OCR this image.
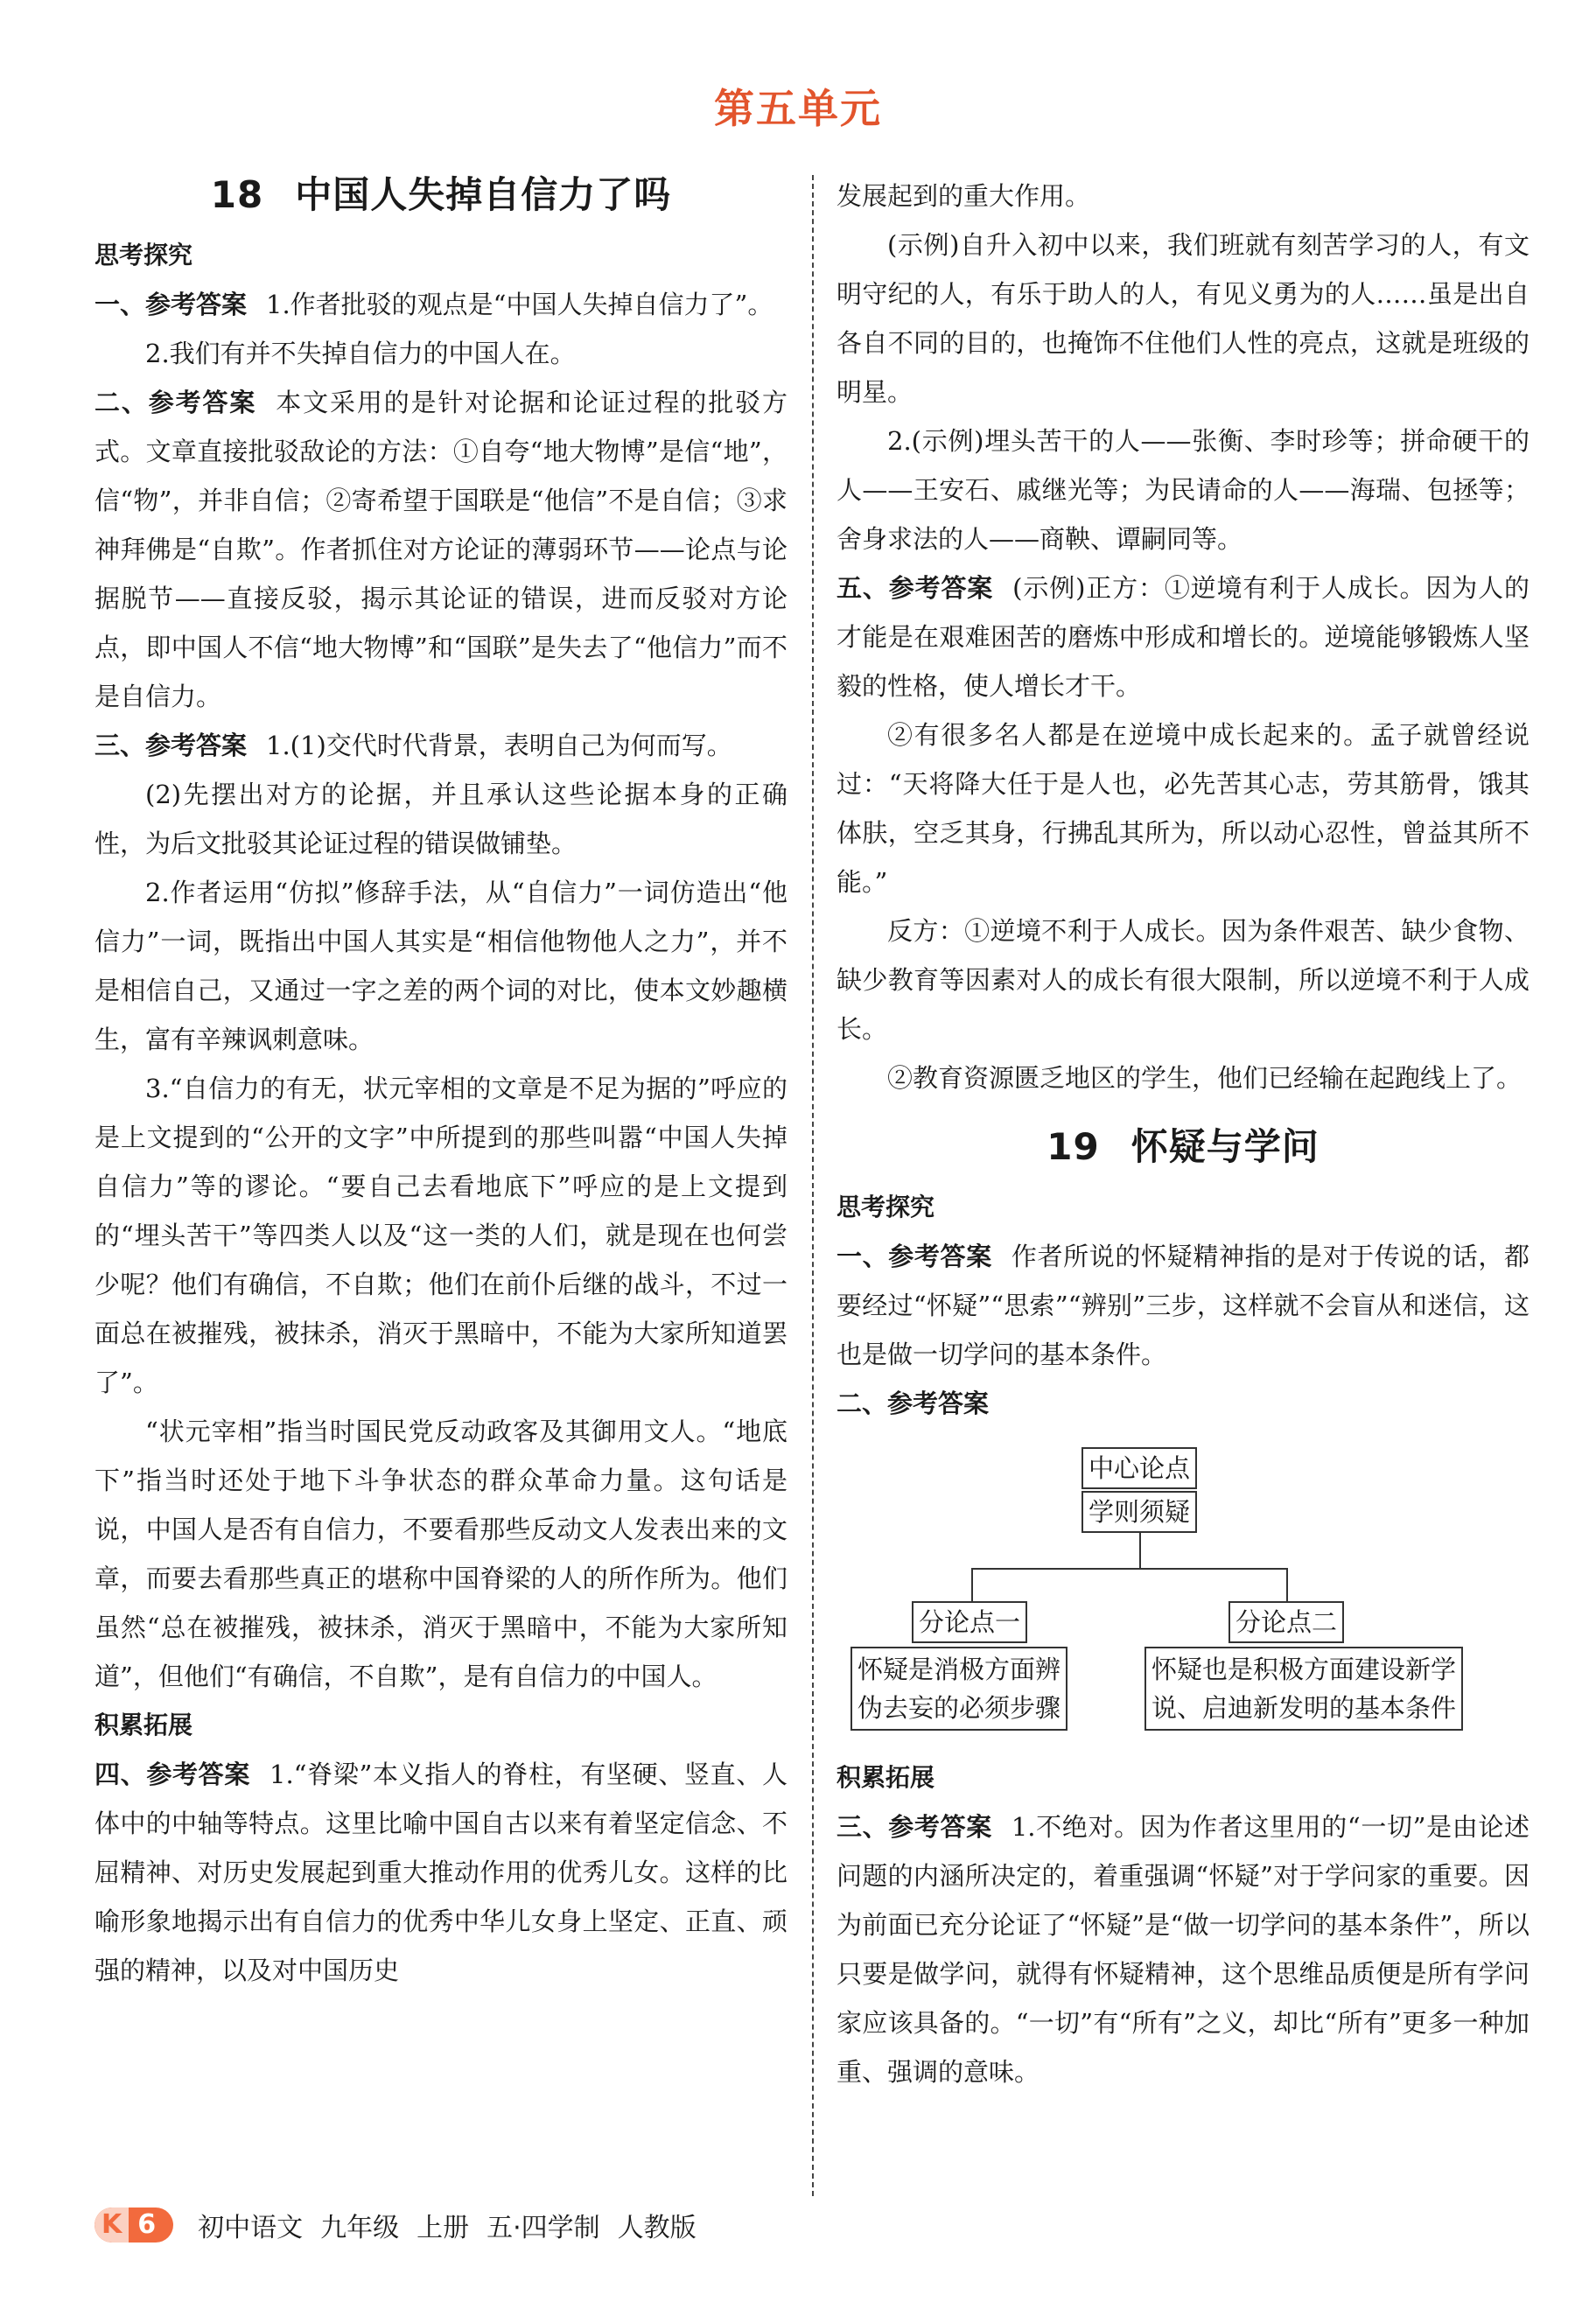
第五单元
18 中国人失掉自信力了吗
思考探究

一、参考答案 1.作者批驳的观点是“中国人失掉自信力了”。

2.我们有并不失掉自信力的中国人在。

二、参考答案 本文采用的是针对论据和论证过程的批驳方式。文章直接批驳敌论的方法：①自夸“地大物博”是信“地”，信“物”，并非自信；②寄希望于国联是“他信”不是自信；③求神拜佛是“自欺”。作者抓住对方论证的薄弱环节——论点与论据脱节——直接反驳，揭示其论证的错误，进而反驳对方论点，即中国人不信“地大物博”和“国联”是失去了“他信力”而不是自信力。

三、参考答案 1.(1)交代时代背景，表明自己为何而写。

(2)先摆出对方的论据，并且承认这些论据本身的正确性，为后文批驳其论证过程的错误做铺垫。

2.作者运用“仿拟”修辞手法，从“自信力”一词仿造出“他信力”一词，既指出中国人其实是“相信他物他人之力”，并不是相信自己，又通过一字之差的两个词的对比，使本文妙趣横生，富有辛辣讽刺意味。

3.“自信力的有无，状元宰相的文章是不足为据的”呼应的是上文提到的“公开的文字”中所提到的那些叫嚣“中国人失掉自信力”等的谬论。“要自己去看地底下”呼应的是上文提到的“埋头苦干”等四类人以及“这一类的人们，就是现在也何尝少呢？他们有确信，不自欺；他们在前仆后继的战斗，不过一面总在被摧残，被抹杀，消灭于黑暗中，不能为大家所知道罢了”。

“状元宰相”指当时国民党反动政客及其御用文人。“地底下”指当时还处于地下斗争状态的群众革命力量。这句话是说，中国人是否有自信力，不要看那些反动文人发表出来的文章，而要去看那些真正的堪称中国脊梁的人的所作所为。他们虽然“总在被摧残，被抹杀，消灭于黑暗中，不能为大家所知道”，但他们“有确信，不自欺”，是有自信力的中国人。

积累拓展

四、参考答案 1.“脊梁”本义指人的脊柱，有坚硬、竖直、人体中的中轴等特点。这里比喻中国自古以来有着坚定信念、不屈精神、对历史发展起到重大推动作用的优秀儿女。这样的比喻形象地揭示出有自信力的优秀中华儿女身上坚定、正直、顽强的精神，以及对中国历史

发展起到的重大作用。

(示例)自升入初中以来，我们班就有刻苦学习的人，有文明守纪的人，有乐于助人的人，有见义勇为的人……虽是出自各自不同的目的，也掩饰不住他们人性的亮点，这就是班级的明星。

2.(示例)埋头苦干的人——张衡、李时珍等；拼命硬干的人——王安石、戚继光等；为民请命的人——海瑞、包拯等；舍身求法的人——商鞅、谭嗣同等。

五、参考答案 (示例)正方：①逆境有利于人成长。因为人的才能是在艰难困苦的磨炼中形成和增长的。逆境能够锻炼人坚毅的性格，使人增长才干。

②有很多名人都是在逆境中成长起来的。孟子就曾经说过：“天将降大任于是人也，必先苦其心志，劳其筋骨，饿其体肤，空乏其身，行拂乱其所为，所以动心忍性，曾益其所不能。”

反方：①逆境不利于人成长。因为条件艰苦、缺少食物、缺少教育等因素对人的成长有很大限制，所以逆境不利于人成长。

②教育资源匮乏地区的学生，他们已经输在起跑线上了。

19 怀疑与学问
思考探究

一、参考答案 作者所说的怀疑精神指的是对于传说的话，都要经过“怀疑”“思索”“辨别”三步，这样就不会盲从和迷信，这也是做一切学问的基本条件。

二、参考答案

中心论点
学则须疑
分论点一
怀疑是消极方面辨
伪去妄的必须步骤
分论点二
怀疑也是积极方面建设新学
说、启迪新发明的基本条件
积累拓展

三、参考答案 1.不绝对。因为作者这里用的“一切”是由论述问题的内涵所决定的，着重强调“怀疑”对于学问家的重要。因为前面已充分论证了“怀疑”是“做一切学问的基本条件”，所以只要是做学问，就得有怀疑精神，这个思维品质便是所有学问家应该具备的。“一切”有“所有”之义，却比“所有”更多一种加重、强调的意味。

K 6	初中语文 九年级 上册 五·四学制 人教版
